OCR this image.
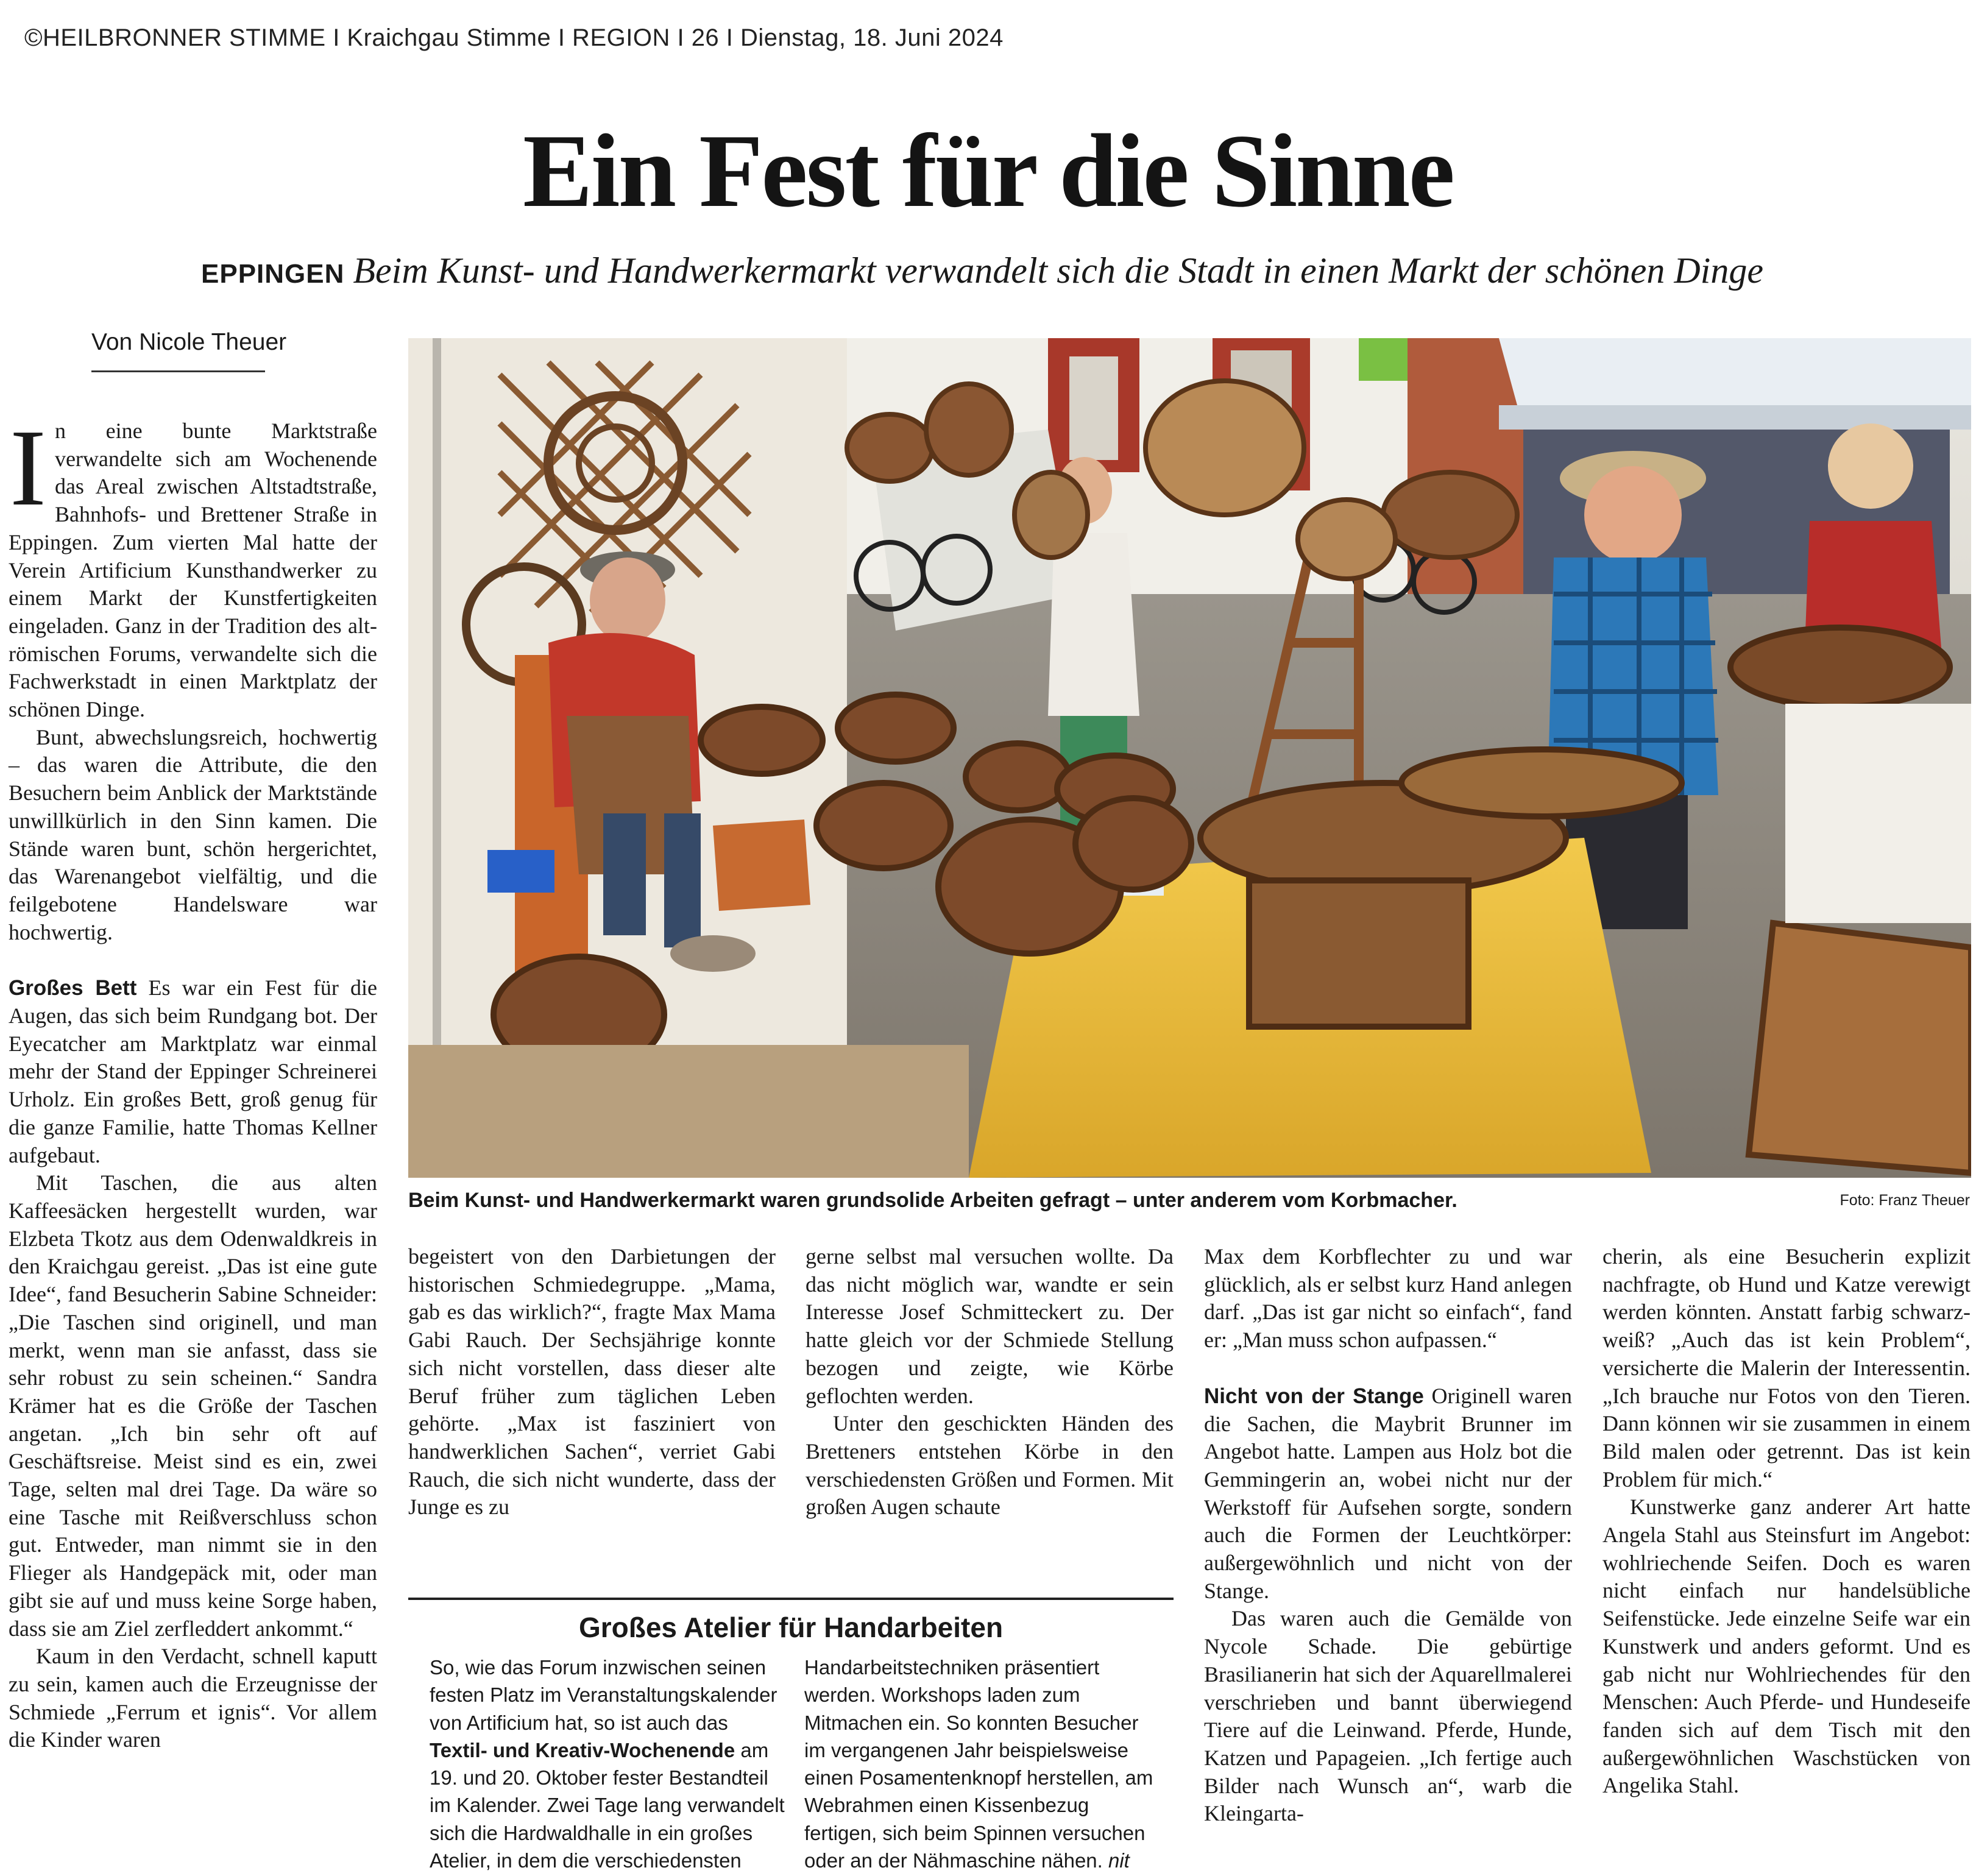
©HEILBRONNER STIMME I Kraichgau Stimme I REGION I 26 I Dienstag, 18. Juni 2024
Ein Fest für die Sinne
EPPINGEN Beim Kunst- und Handwerkermarkt verwandelt sich die Stadt in einen Markt der schönen Dinge
Von Nicole Theuer
Beim Kunst- und Handwerkermarkt waren grundsolide Arbeiten gefragt – unter anderem vom Korbmacher.	Foto: Franz Theuer

In eine bunte Marktstraße verwandelte sich am Wochenende das Areal zwischen Altstadtstraße, Bahnhofs- und Brettener Straße in Eppingen. Zum vierten Mal hatte der Verein Artificium Kunsthandwerker zu einem Markt der Kunstfertigkeiten eingeladen. Ganz in der Tradition des alt-römischen Forums, verwandelte sich die Fachwerkstadt in einen Marktplatz der schönen Dinge.

Bunt, abwechslungsreich, hochwertig – das waren die Attribute, die den Besuchern beim Anblick der Marktstände unwillkürlich in den Sinn kamen. Die Stände waren bunt, schön hergerichtet, das Warenangebot vielfältig, und die feilgebotene Handelsware war hochwertig.

Großes Bett Es war ein Fest für die Augen, das sich beim Rundgang bot. Der Eyecatcher am Marktplatz war einmal mehr der Stand der Eppinger Schreinerei Urholz. Ein großes Bett, groß genug für die ganze Familie, hatte Thomas Kellner aufgebaut.

Mit Taschen, die aus alten Kaffeesäcken hergestellt wurden, war Elzbeta Tkotz aus dem Odenwaldkreis in den Kraichgau gereist. „Das ist eine gute Idee“, fand Besucherin Sabine Schneider: „Die Taschen sind originell, und man merkt, wenn man sie anfasst, dass sie sehr robust zu sein scheinen.“ Sandra Krämer hat es die Größe der Taschen angetan. „Ich bin sehr oft auf Geschäftsreise. Meist sind es ein, zwei Tage, selten mal drei Tage. Da wäre so eine Tasche mit Reißverschluss schon gut. Entweder, man nimmt sie in den Flieger als Handgepäck mit, oder man gibt sie auf und muss keine Sorge haben, dass sie am Ziel zerfleddert ankommt.“

Kaum in den Verdacht, schnell kaputt zu sein, kamen auch die Erzeugnisse der Schmiede „Ferrum et ignis“. Vor allem die Kinder waren

begeistert von den Darbietungen der historischen Schmiedegruppe. „Mama, gab es das wirklich?“, fragte Max Mama Gabi Rauch. Der Sechsjährige konnte sich nicht vorstellen, dass dieser alte Beruf früher zum täglichen Leben gehörte. „Max ist fasziniert von handwerklichen Sachen“, verriet Gabi Rauch, die sich nicht wunderte, dass der Junge es zu

gerne selbst mal versuchen wollte. Da das nicht möglich war, wandte er sein Interesse Josef Schmitteckert zu. Der hatte gleich vor der Schmiede Stellung bezogen und zeigte, wie Körbe geflochten werden.

Unter den geschickten Händen des Bretteners entstehen Körbe in den verschiedensten Größen und Formen. Mit großen Augen schaute

Großes Atelier für Handarbeiten

So, wie das Forum inzwischen seinen festen Platz im Veranstaltungskalender von Artificium hat, so ist auch das Textil- und Kreativ-Wochenende am 19. und 20. Oktober fester Bestandteil im Kalender. Zwei Tage lang verwandelt sich die Hardwaldhalle in ein großes Atelier, in dem die verschiedensten

Handarbeitstechniken präsentiert werden. Workshops laden zum Mitmachen ein. So konnten Besucher im vergangenen Jahr beispielsweise einen Posamentenknopf herstellen, am Webrahmen einen Kissenbezug fertigen, sich beim Spinnen versuchen oder an der Nähmaschine nähen. nit

Max dem Korbflechter zu und war glücklich, als er selbst kurz Hand anlegen darf. „Das ist gar nicht so einfach“, fand er: „Man muss schon aufpassen.“

Nicht von der Stange Originell waren die Sachen, die Maybrit Brunner im Angebot hatte. Lampen aus Holz bot die Gemmingerin an, wobei nicht nur der Werkstoff für Aufsehen sorgte, sondern auch die Formen der Leuchtkörper: außergewöhnlich und nicht von der Stange.

Das waren auch die Gemälde von Nycole Schade. Die gebürtige Brasilianerin hat sich der Aquarellmalerei verschrieben und bannt überwiegend Tiere auf die Leinwand. Pferde, Hunde, Katzen und Papageien. „Ich fertige auch Bilder nach Wunsch an“, warb die Kleingarta-

cherin, als eine Besucherin explizit nachfragte, ob Hund und Katze verewigt werden könnten. Anstatt farbig schwarz-weiß? „Auch das ist kein Problem“, versicherte die Malerin der Interessentin. „Ich brauche nur Fotos von den Tieren. Dann können wir sie zusammen in einem Bild malen oder getrennt. Das ist kein Problem für mich.“

Kunstwerke ganz anderer Art hatte Angela Stahl aus Steinsfurt im Angebot: wohlriechende Seifen. Doch es waren nicht einfach nur handelsübliche Seifenstücke. Jede einzelne Seife war ein Kunstwerk und anders geformt. Und es gab nicht nur Wohlriechendes für den Menschen: Auch Pferde- und Hundeseife fanden sich auf dem Tisch mit den außergewöhnlichen Waschstücken von Angelika Stahl.
